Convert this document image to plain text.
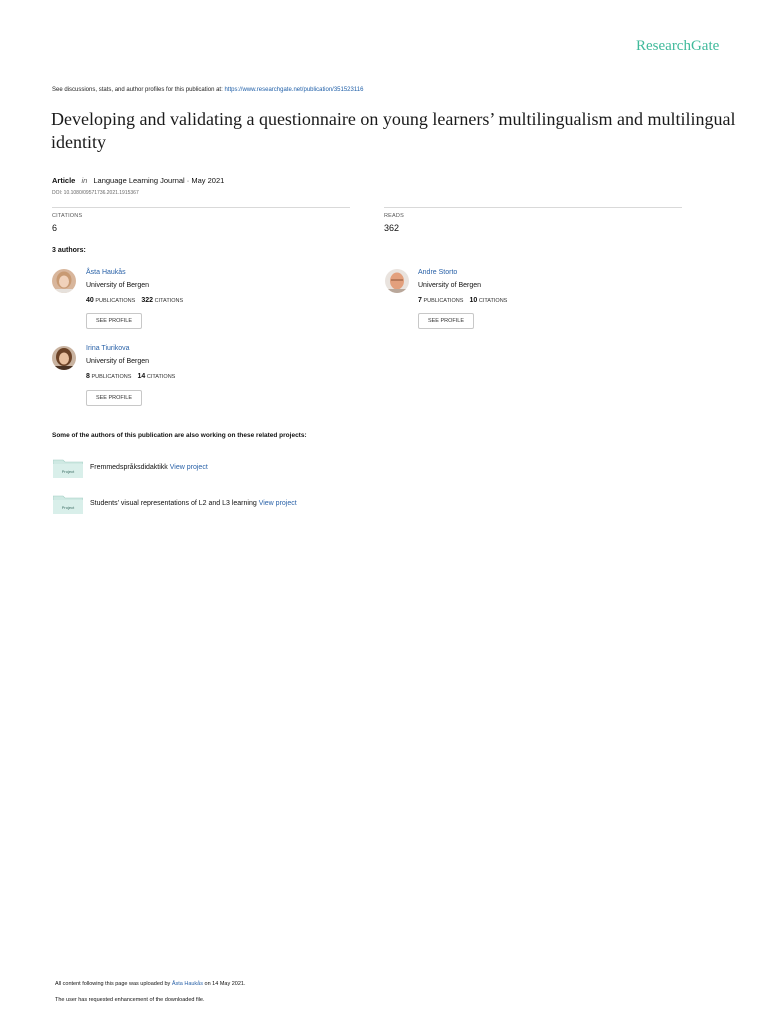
ResearchGate
See discussions, stats, and author profiles for this publication at: https://www.researchgate.net/publication/351523116
Developing and validating a questionnaire on young learners’ multilingualism and multilingual identity
Article in Language Learning Journal · May 2021
DOI: 10.1080/09571736.2021.1915367
CITATIONS
6
READS
362
3 authors:
Åsta Haukås
University of Bergen
40 PUBLICATIONS 322 CITATIONS
SEE PROFILE
Andre Storto
University of Bergen
7 PUBLICATIONS 10 CITATIONS
SEE PROFILE
Irina Tiurikova
University of Bergen
8 PUBLICATIONS 14 CITATIONS
SEE PROFILE
Some of the authors of this publication are also working on these related projects:
Project
Fremmedspråksdidaktikk View project
Project
Students' visual representations of L2 and L3 learning View project
All content following this page was uploaded by Åsta Haukås on 14 May 2021.
The user has requested enhancement of the downloaded file.
